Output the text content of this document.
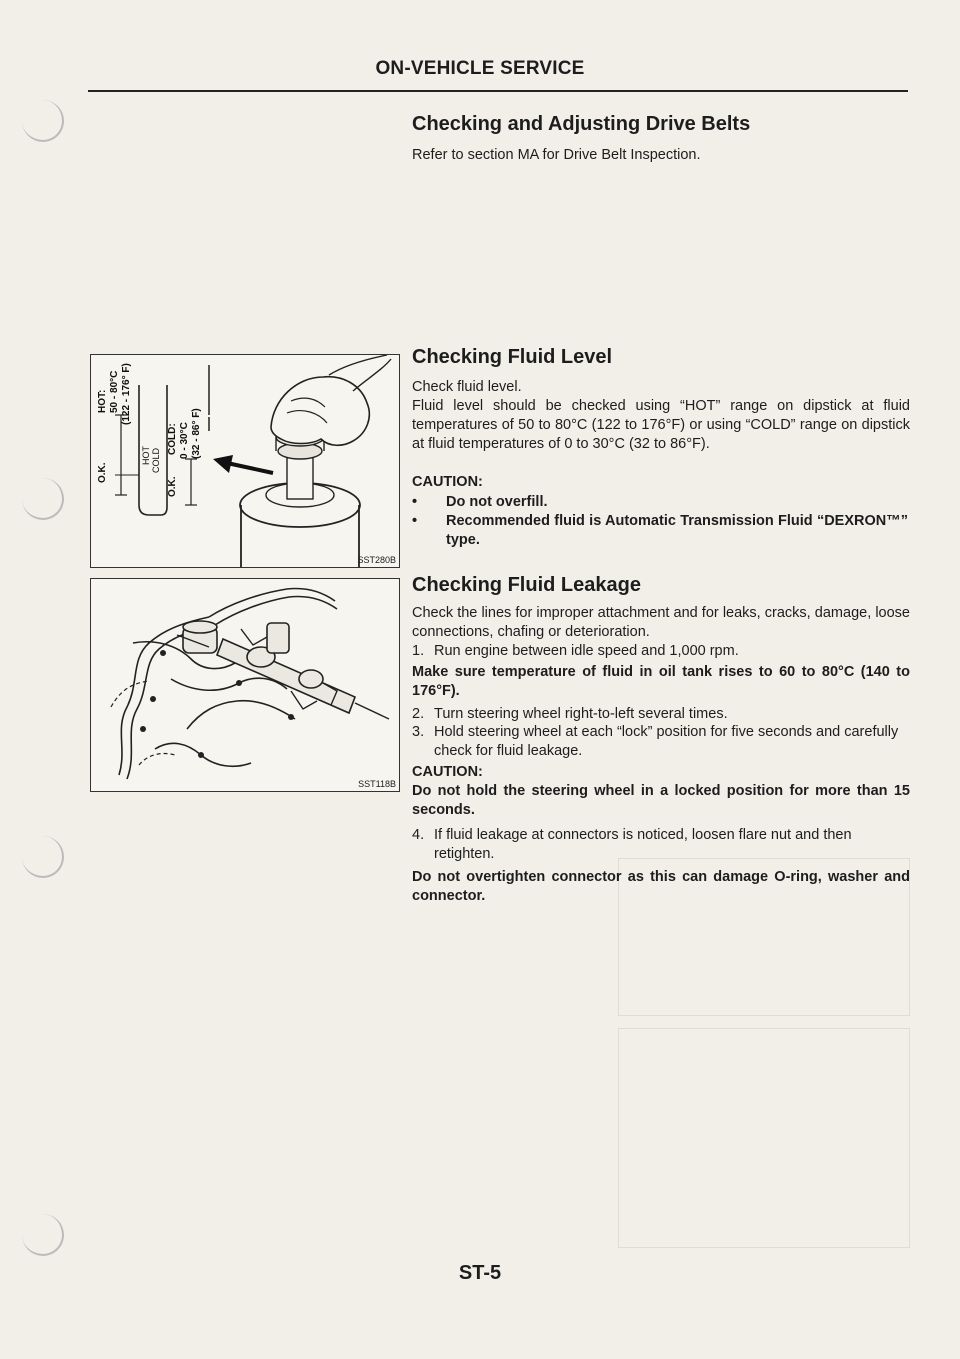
ON-VEHICLE SERVICE
Checking and Adjusting Drive Belts
Refer to section MA for Drive Belt Inspection.
HOT: 50 - 80°C (122 - 176° F)
O.K.
COLD: 0 - 30°C (32 - 86° F)
O.K.
HOT COLD
SST280B
Checking Fluid Level
Check fluid level.
Fluid level should be checked using “HOT” range on dipstick at fluid temperatures of 50 to 80°C (122 to 176°F) or using “COLD” range on dipstick at fluid temperatures of 0 to 30°C (32 to 86°F).
CAUTION:
• Do not overfill.
• Recommended fluid is Automatic Transmission Fluid “DEXRON™” type.
SST118B
Checking Fluid Leakage
Check the lines for improper attachment and for leaks, cracks, damage, loose connections, chafing or deterioration.
1. Run engine between idle speed and 1,000 rpm.
Make sure temperature of fluid in oil tank rises to 60 to 80°C (140 to 176°F).
2. Turn steering wheel right-to-left several times.
3. Hold steering wheel at each “lock” position for five seconds and carefully check for fluid leakage.
CAUTION:
Do not hold the steering wheel in a locked position for more than 15 seconds.
4. If fluid leakage at connectors is noticed, loosen flare nut and then retighten.
Do not overtighten connector as this can damage O-ring, washer and connector.
ST-5
